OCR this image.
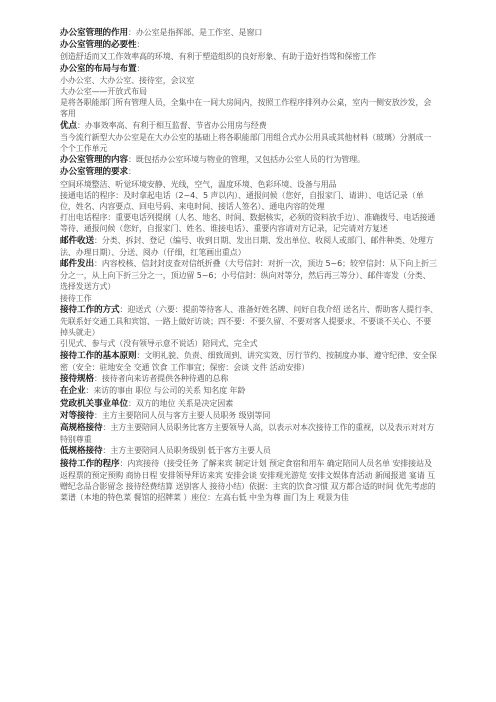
办公室管理的作用：办公室是指挥部、是工作室、是窗口
办公室管理的必要性：
创造舒适而又工作效率高的环境、有利于塑造组织的良好形象、有助于造好挡驾和保密工作
办公室的布局与布置：
小办公室、大办公室、接待室，会议室
大办公室——开放式布局
是将各职能部门所有管理人员，全集中在一间大房间内，按照工作程序排列办公桌，室内一侧安放沙发，会客用
优点：办事效率高、有利于相互监督、节省办公用房与经费
当今流行新型大办公室是在大办公室的基础上将各职能部门用组合式办公用具或其他材料（玻璃）分割成一个个工作单元
办公室管理的内容：既包括办公室环境与物业的管理，又包括办公室人员的行为管理。
办公室管理的要求：
空间环境整洁、听觉环境安静、光线，空气，温度环境、色彩环境、设备与用品
接通电话的程序：及时拿起电话（2~4、5 声以内）、通报问候（您好，自报家门、请讲）、电话记录（单位，姓名、内容要点、回电号码、来电时间、接话人签名）、通电内容的处理
打出电话程序：重要电话列提纲（人名、地名、时间、数据核实，必须的资料放手边）、准确拨号、电话接通等待、通报问候（您好，自报家门、姓名、谁接电话）、重要内容请对方记录，记完请对方复述
邮件收送：分类、拆封、登记（编号、收到日期、发出日期、发出单位、收阅人或部门、邮件种类、处理方法、办理日期）、分送、阅办（仔细，红笔画出重点）
邮件发出：内容校核、信封封皮查对信纸折叠（大号信封：对折一次，顶边 5~6；较窄信封：从下向上折三分之一，从上向下折三分之一，顶边留 5~6；小号信封：纵向对等分，然后再三等分）、邮件寄发（分类、选择发送方式）
接待工作
接待工作的方式：迎送式（六要：提前等待客人、准备好姓名牌、问好自我介绍 送名片、帮助客人提行李、先联系好交通工具和宾馆、一路上做好访谈；四不要：不要久留、不要对客人提要求、不要谈不关心、不要掉头就走）
引见式、参与式（没有领导示意不说话）陪同式、完全式
接待工作的基本原则：文明礼貌、负责、细致周到、讲究实效、厉行节约、按制度办事、遵守纪律、安全保密（安全：驻地安全 交通 饮食 工作事宜；保密：会谈 文件 活动安排）
接待规格：接待者向来访者提供各种待遇的总称
在企业：来访的事由 职位 与公司的关系 知名度 年龄
党政机关事业单位：双方的地位 关系是决定因素
对等接待：主方主要陪同人员与客方主要人员职务 级别等同
高规格接待：主方主要陪同人员职务比客方主要领导人高，以表示对本次接待工作的重视，以及表示对对方特别尊重
低规格接待：主方主要陪同人员职务级别 低于客方主要人员
接待工作的程序：内宾接待（接受任务 了解来宾 制定计划 预定食宿和用车 确定陪同人员名单 安排接站及返程票的预定预购 商协日程 安排领导拜访来宾 安排会谈 安排观光游览 安排文娱体育活动 新闻报道 宴请 互赠纪念品合影留念 接待经费结算 送别客人 接待小结）依据：主宾的饮食习惯 双方都合适的时间 优先考虑的菜谱（本地的特色菜 餐馆的招牌菜 ）座位：左高右低 中坐为尊 面门为上 观景为佳
